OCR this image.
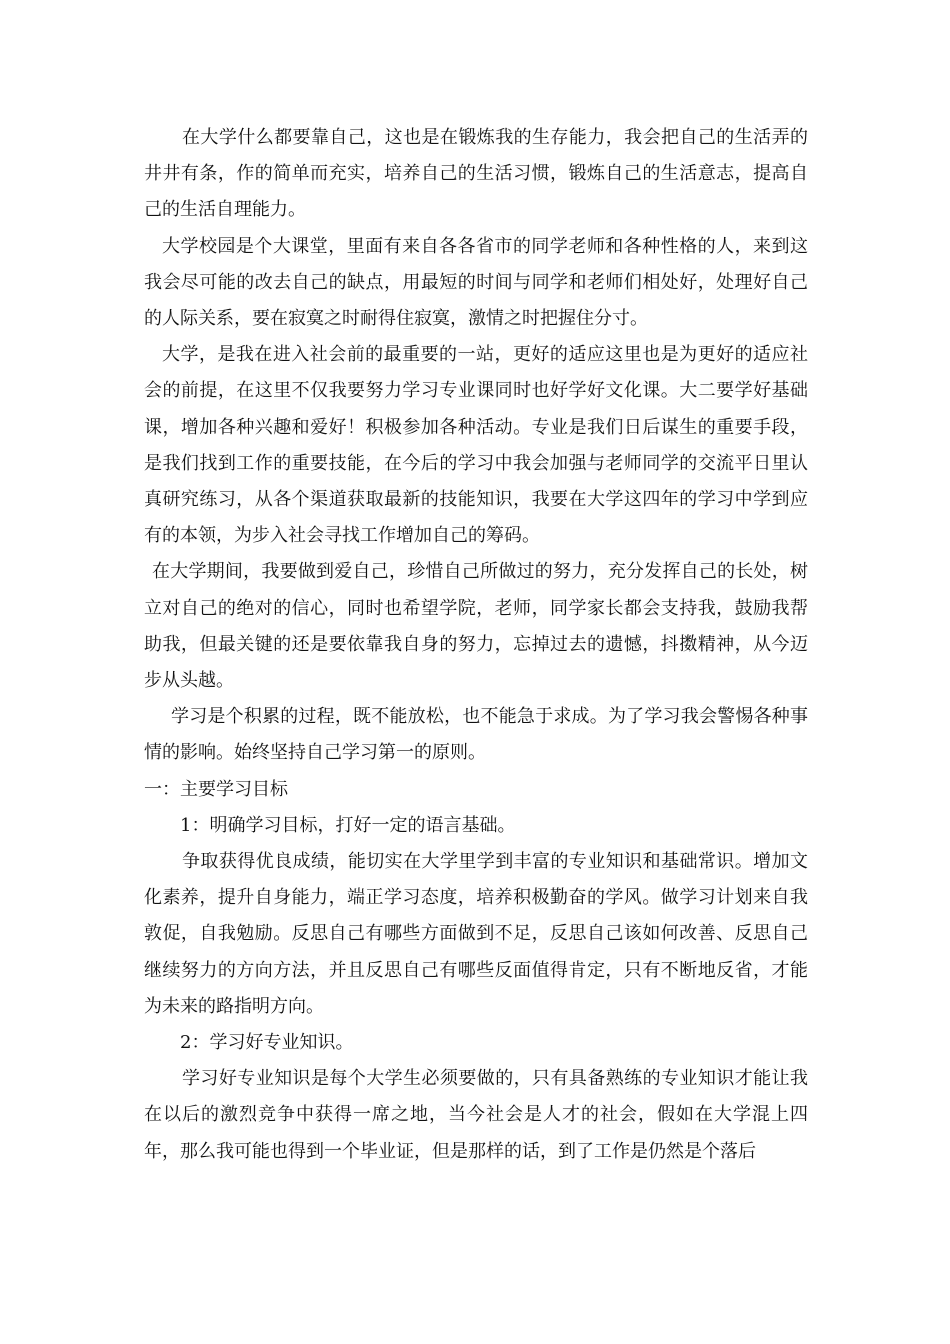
在大学什么都要靠自己，这也是在锻炼我的生存能力，我会把自己的生活弄的井井有条，作的简单而充实，培养自己的生活习惯，锻炼自己的生活意志，提高自己的生活自理能力。

大学校园是个大课堂，里面有来自各各省市的同学老师和各种性格的人，来到这我会尽可能的改去自己的缺点，用最短的时间与同学和老师们相处好，处理好自己的人际关系，要在寂寞之时耐得住寂寞，激情之时把握住分寸。

大学，是我在进入社会前的最重要的一站，更好的适应这里也是为更好的适应社会的前提，在这里不仅我要努力学习专业课同时也好学好文化课。大二要学好基础课，增加各种兴趣和爱好！积极参加各种活动。专业是我们日后谋生的重要手段，是我们找到工作的重要技能，在今后的学习中我会加强与老师同学的交流平日里认真研究练习，从各个渠道获取最新的技能知识，我要在大学这四年的学习中学到应有的本领，为步入社会寻找工作增加自己的筹码。

在大学期间，我要做到爱自己，珍惜自己所做过的努力，充分发挥自己的长处，树立对自己的绝对的信心，同时也希望学院，老师，同学家长都会支持我，鼓励我帮助我，但最关键的还是要依靠我自身的努力，忘掉过去的遗憾，抖擞精神，从今迈步从头越。

学习是个积累的过程，既不能放松，也不能急于求成。为了学习我会警惕各种事情的影响。始终坚持自己学习第一的原则。

一：主要学习目标

1：明确学习目标，打好一定的语言基础。

争取获得优良成绩，能切实在大学里学到丰富的专业知识和基础常识。增加文化素养，提升自身能力，端正学习态度，培养积极勤奋的学风。做学习计划来自我敦促，自我勉励。反思自己有哪些方面做到不足，反思自己该如何改善、反思自己继续努力的方向方法，并且反思自己有哪些反面值得肯定，只有不断地反省，才能为未来的路指明方向。

2：学习好专业知识。

学习好专业知识是每个大学生必须要做的，只有具备熟练的专业知识才能让我在以后的激烈竞争中获得一席之地，当今社会是人才的社会，假如在大学混上四年，那么我可能也得到一个毕业证，但是那样的话，到了工作是仍然是个落后
